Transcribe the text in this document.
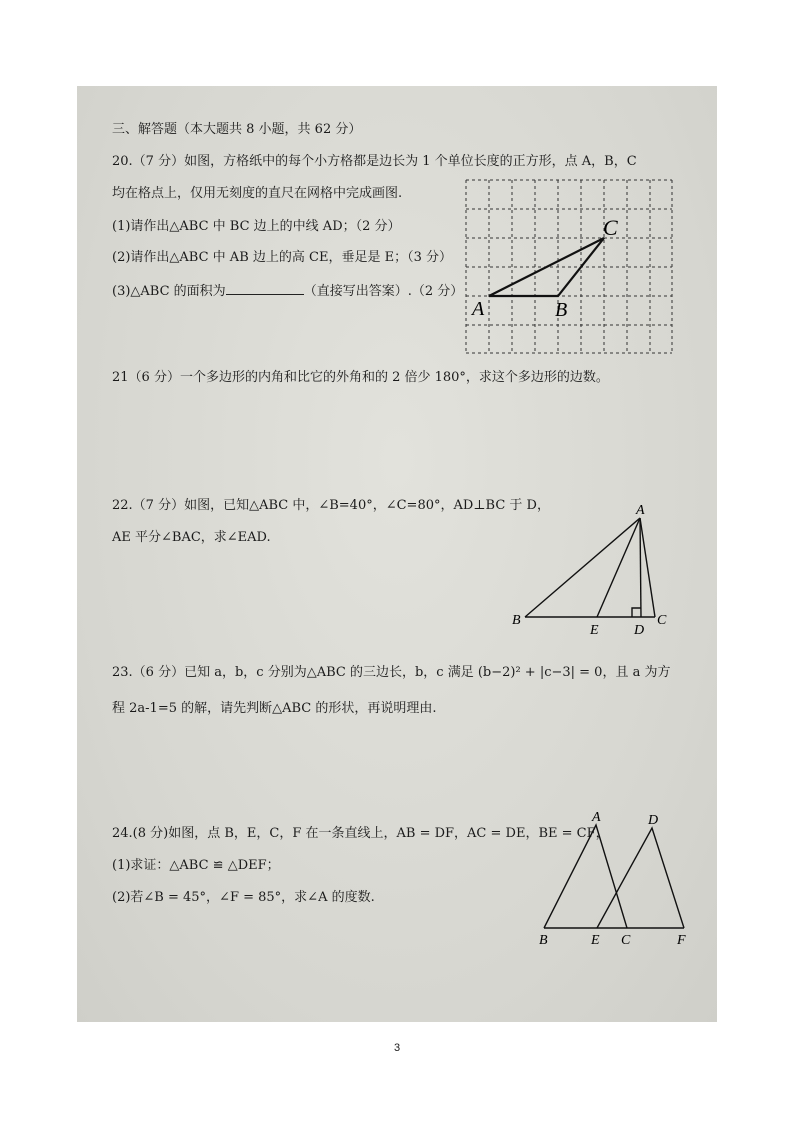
三、解答题（本大题共 8 小题，共 62 分）
20.（7 分）如图，方格纸中的每个小方格都是边长为 1 个单位长度的正方形，点 A，B，C
均在格点上，仅用无刻度的直尺在网格中完成画图.
(1)请作出△ABC 中 BC 边上的中线 AD；（2 分）
(2)请作出△ABC 中 AB 边上的高 CE，垂足是 E；（3 分）
(3)△ABC 的面积为	（直接写出答案）.（2 分）
A	B
C
21（6 分）一个多边形的内角和比它的外角和的 2 倍少 180°，求这个多边形的边数。
22.（7 分）如图，已知△ABC 中，∠B=40°，∠C=80°，AD⊥BC 于 D，
AE 平分∠BAC，求∠EAD.
A
B	C
D
E
23.（6 分）已知 a，b，c 分别为△ABC 的三边长，b，c 满足 (b−2)² + |c−3| = 0，且 a 为方
程 2a-1=5 的解，请先判断△ABC 的形状，再说明理由.
24.(8 分)如图，点 B，E，C，F 在一条直线上，AB = DF，AC = DE，BE = CF，
(1)求证：△ABC ≌ △DEF；
(2)若∠B = 45°，∠F = 85°，求∠A 的度数.
A	D
B	E C	F
3
